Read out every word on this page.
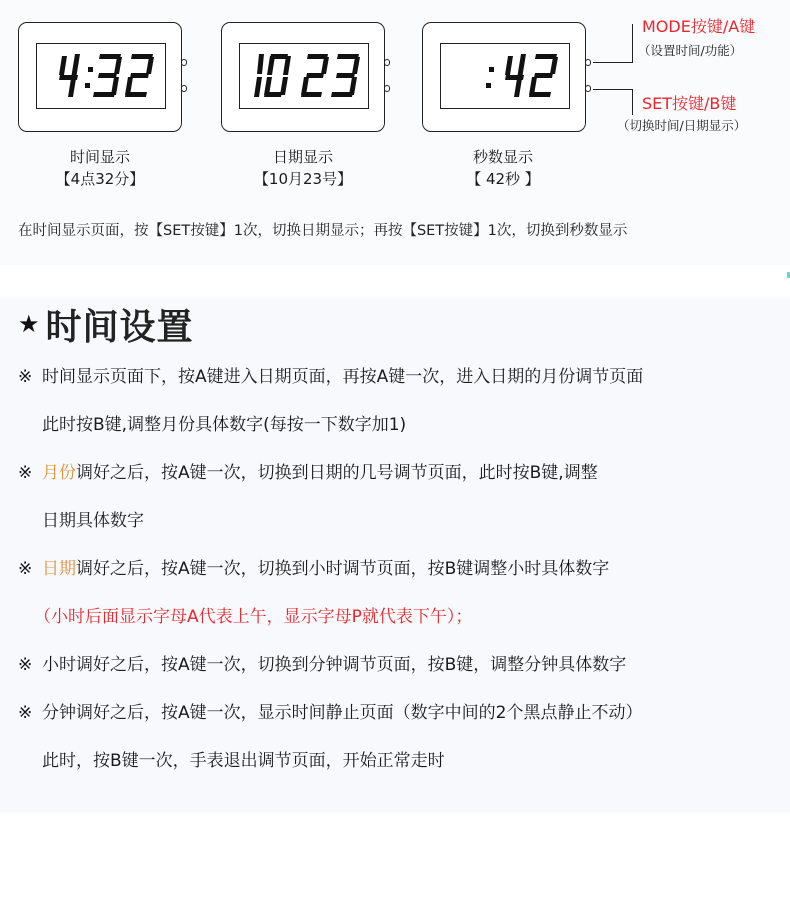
时间显示
【4点32分】
日期显示
【10月23号】
秒数显示
【 42秒 】
MODE按键/A键
（设置时间/功能）
SET按键/B键
（切换时间/日期显示）
在时间显示页面，按【SET按键】1次，切换日期显示；再按【SET按键】1次，切换到秒数显示
★ 时间设置
※ 时间显示页面下，按A键进入日期页面，再按A键一次，进入日期的月份调节页面
此时按B键,调整月份具体数字(每按一下数字加1)
※ 月份调好之后，按A键一次，切换到日期的几号调节页面，此时按B键,调整
日期具体数字
※ 日期调好之后，按A键一次，切换到小时调节页面，按B键调整小时具体数字
（小时后面显示字母A代表上午，显示字母P就代表下午）；
※ 小时调好之后，按A键一次，切换到分钟调节页面，按B键，调整分钟具体数字
※ 分钟调好之后，按A键一次，显示时间静止页面（数字中间的2个黑点静止不动）
此时，按B键一次，手表退出调节页面，开始正常走时
